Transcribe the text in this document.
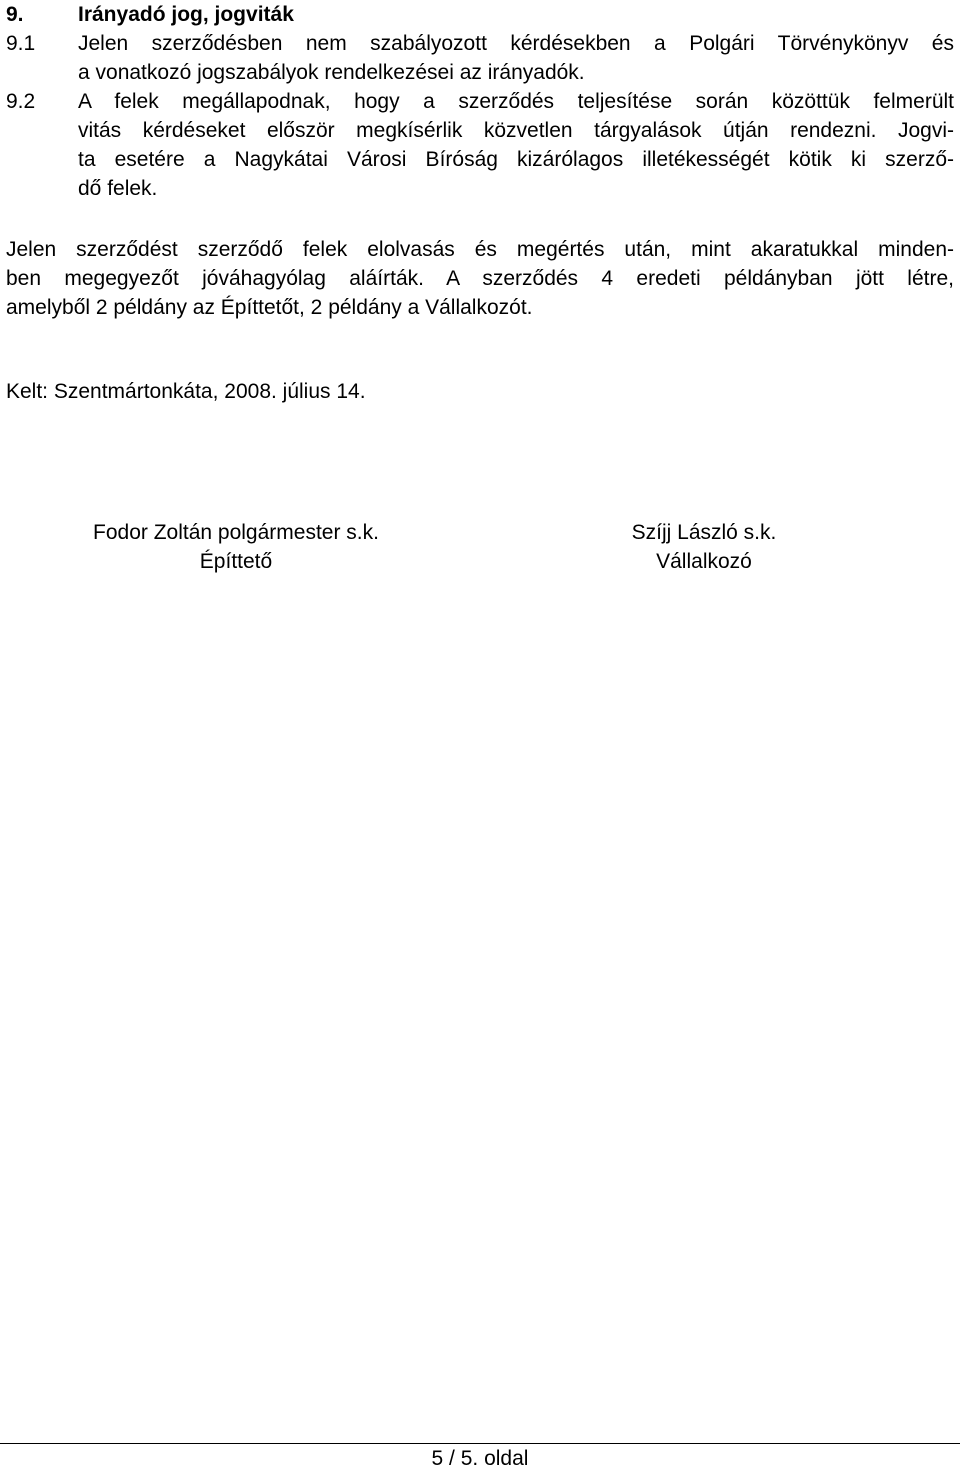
9.	Irányadó jog, jogviták
9.1 Jelen szerződésben nem szabályozott kérdésekben a Polgári Törvénykönyv és
a vonatkozó jogszabályok rendelkezései az irányadók.
9.2 A felek megállapodnak, hogy a szerződés teljesítése során közöttük felmerült
vitás kérdéseket először megkísérlik közvetlen tárgyalások útján rendezni. Jogvi-
ta esetére a Nagykátai Városi Bíróság kizárólagos illetékességét kötik ki szerző-
dő felek.
Jelen szerződést szerződő felek elolvasás és megértés után, mint akaratukkal minden-
ben megegyezőt jóváhagyólag aláírták. A szerződés 4 eredeti példányban jött létre,
amelyből 2 példány az Építtetőt, 2 példány a Vállalkozót.
Kelt: Szentmártonkáta, 2008. július 14.
Fodor Zoltán polgármester s.k.
Építtető
Szíjj László s.k.
Vállalkozó
5 / 5. oldal
